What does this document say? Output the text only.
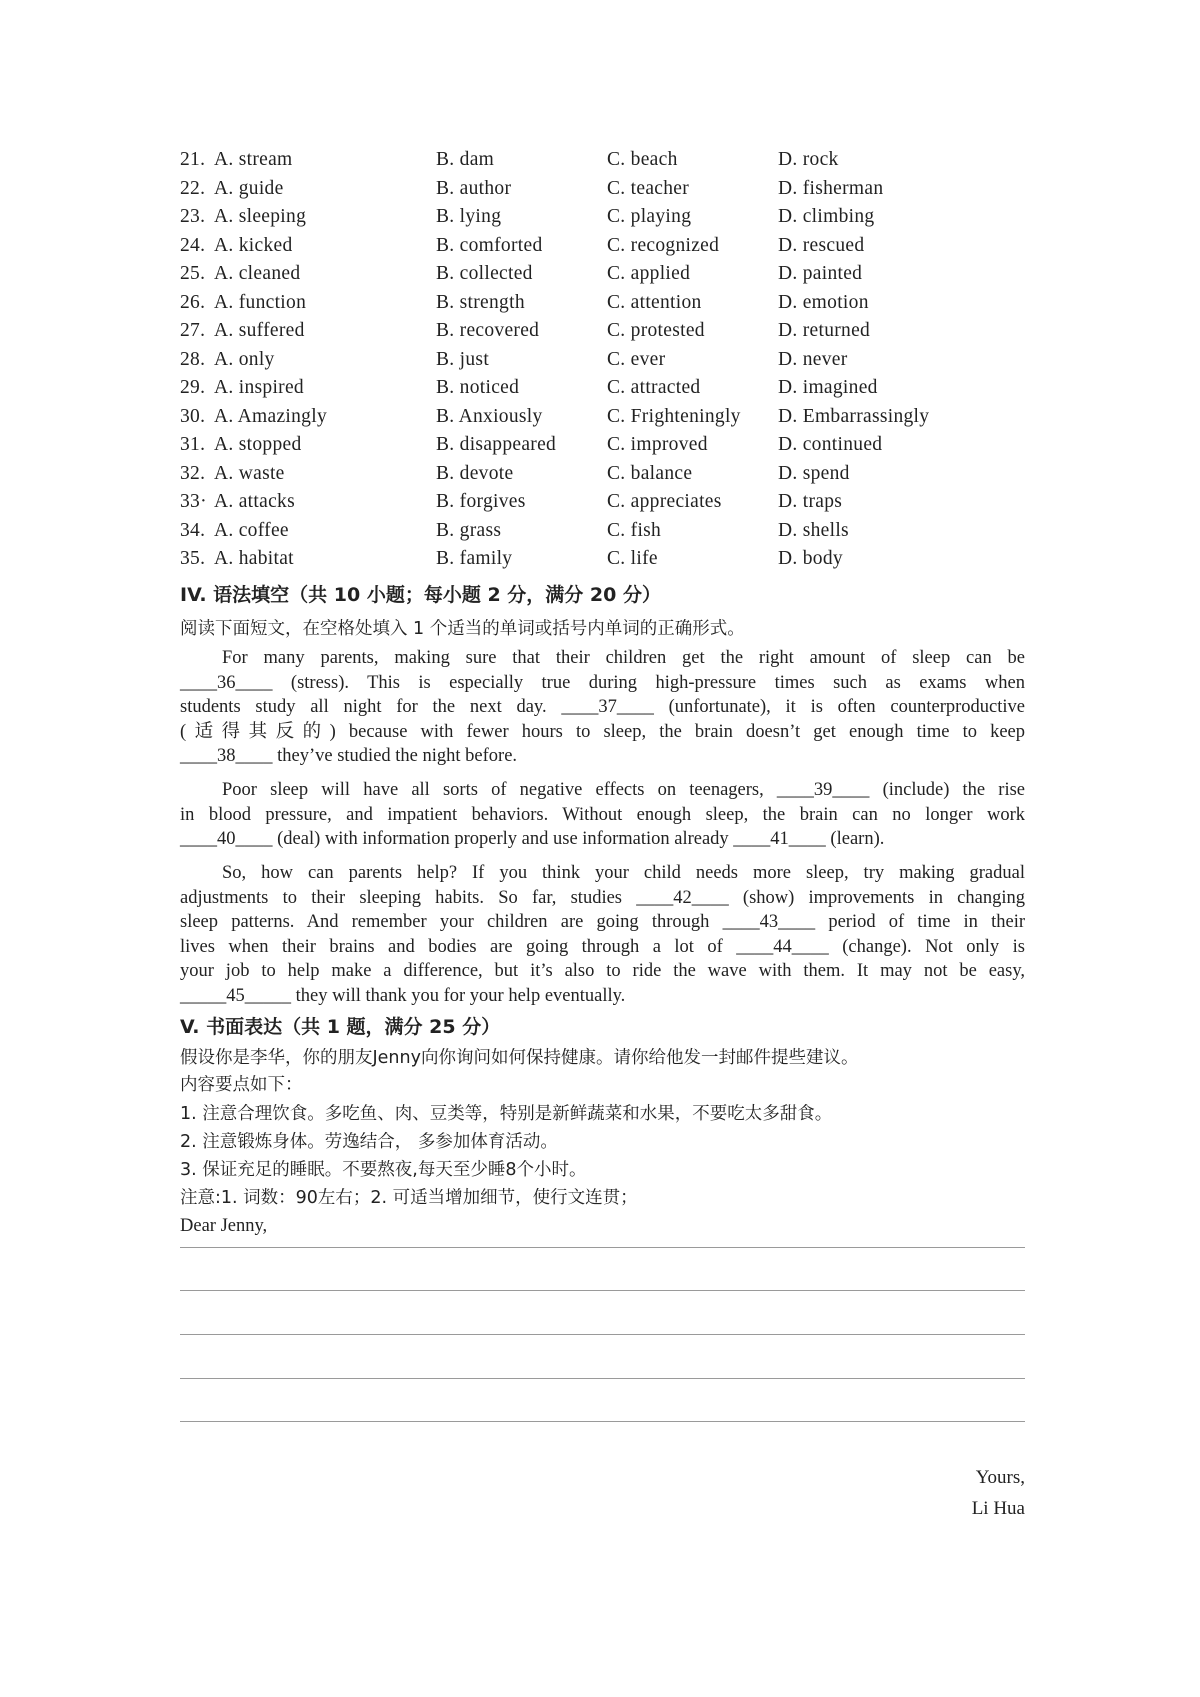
21. A. stream	B. dam	C. beach	D. rock
22. A. guide	B. author	C. teacher	D. fisherman
23. A. sleeping	B. lying	C. playing	D. climbing
24. A. kicked	B. comforted	C. recognized	D. rescued
25. A. cleaned	B. collected	C. applied	D. painted
26. A. function	B. strength	C. attention	D. emotion
27. A. suffered	B. recovered	C. protested	D. returned
28. A. only	B. just	C. ever	D. never
29. A. inspired	B. noticed	C. attracted	D. imagined
30. A. Amazingly	B. Anxiously	C. Frighteningly	D. Embarrassingly
31. A. stopped	B. disappeared	C. improved	D. continued
32. A. waste	B. devote	C. balance	D. spend
33· A. attacks	B. forgives	C. appreciates	D. traps
34. A. coffee	B. grass	C. fish	D. shells
35. A. habitat	B. family	C. life	D. body
IV. 语法填空（共 10 小题；每小题 2 分，满分 20 分）
阅读下面短文，在空格处填入 1 个适当的单词或括号内单词的正确形式。
For many parents, making sure that their children get the right amount of sleep can be
____36____ (stress). This is especially true during high-pressure times such as exams when
students study all night for the next day. ____37____ (unfortunate), it is often counterproductive
(适得其反的) because with fewer hours to sleep, the brain doesn’t get enough time to keep
____38____ they’ve studied the night before.
Poor sleep will have all sorts of negative effects on teenagers, ____39____ (include) the rise
in blood pressure, and impatient behaviors. Without enough sleep, the brain can no longer work
____40____ (deal) with information properly and use information already ____41____ (learn).
So, how can parents help? If you think your child needs more sleep, try making gradual
adjustments to their sleeping habits. So far, studies ____42____ (show) improvements in changing
sleep patterns. And remember your children are going through ____43____ period of time in their
lives when their brains and bodies are going through a lot of ____44____ (change). Not only is
your job to help make a difference, but it’s also to ride the wave with them. It may not be easy,
_____45_____ they will thank you for your help eventually.
V. 书面表达（共 1 题，满分 25 分）
假设你是李华，你的朋友Jenny向你询问如何保持健康。请你给他发一封邮件提些建议。
内容要点如下：
1. 注意合理饮食。多吃鱼、肉、豆类等，特别是新鲜蔬菜和水果，不要吃太多甜食。
2. 注意锻炼身体。劳逸结合， 多参加体育活动。
3. 保证充足的睡眠。不要熬夜,每天至少睡8个小时。
注意:1. 词数：90左右；2. 可适当增加细节，使行文连贯；
Dear Jenny,
Yours,
Li Hua
